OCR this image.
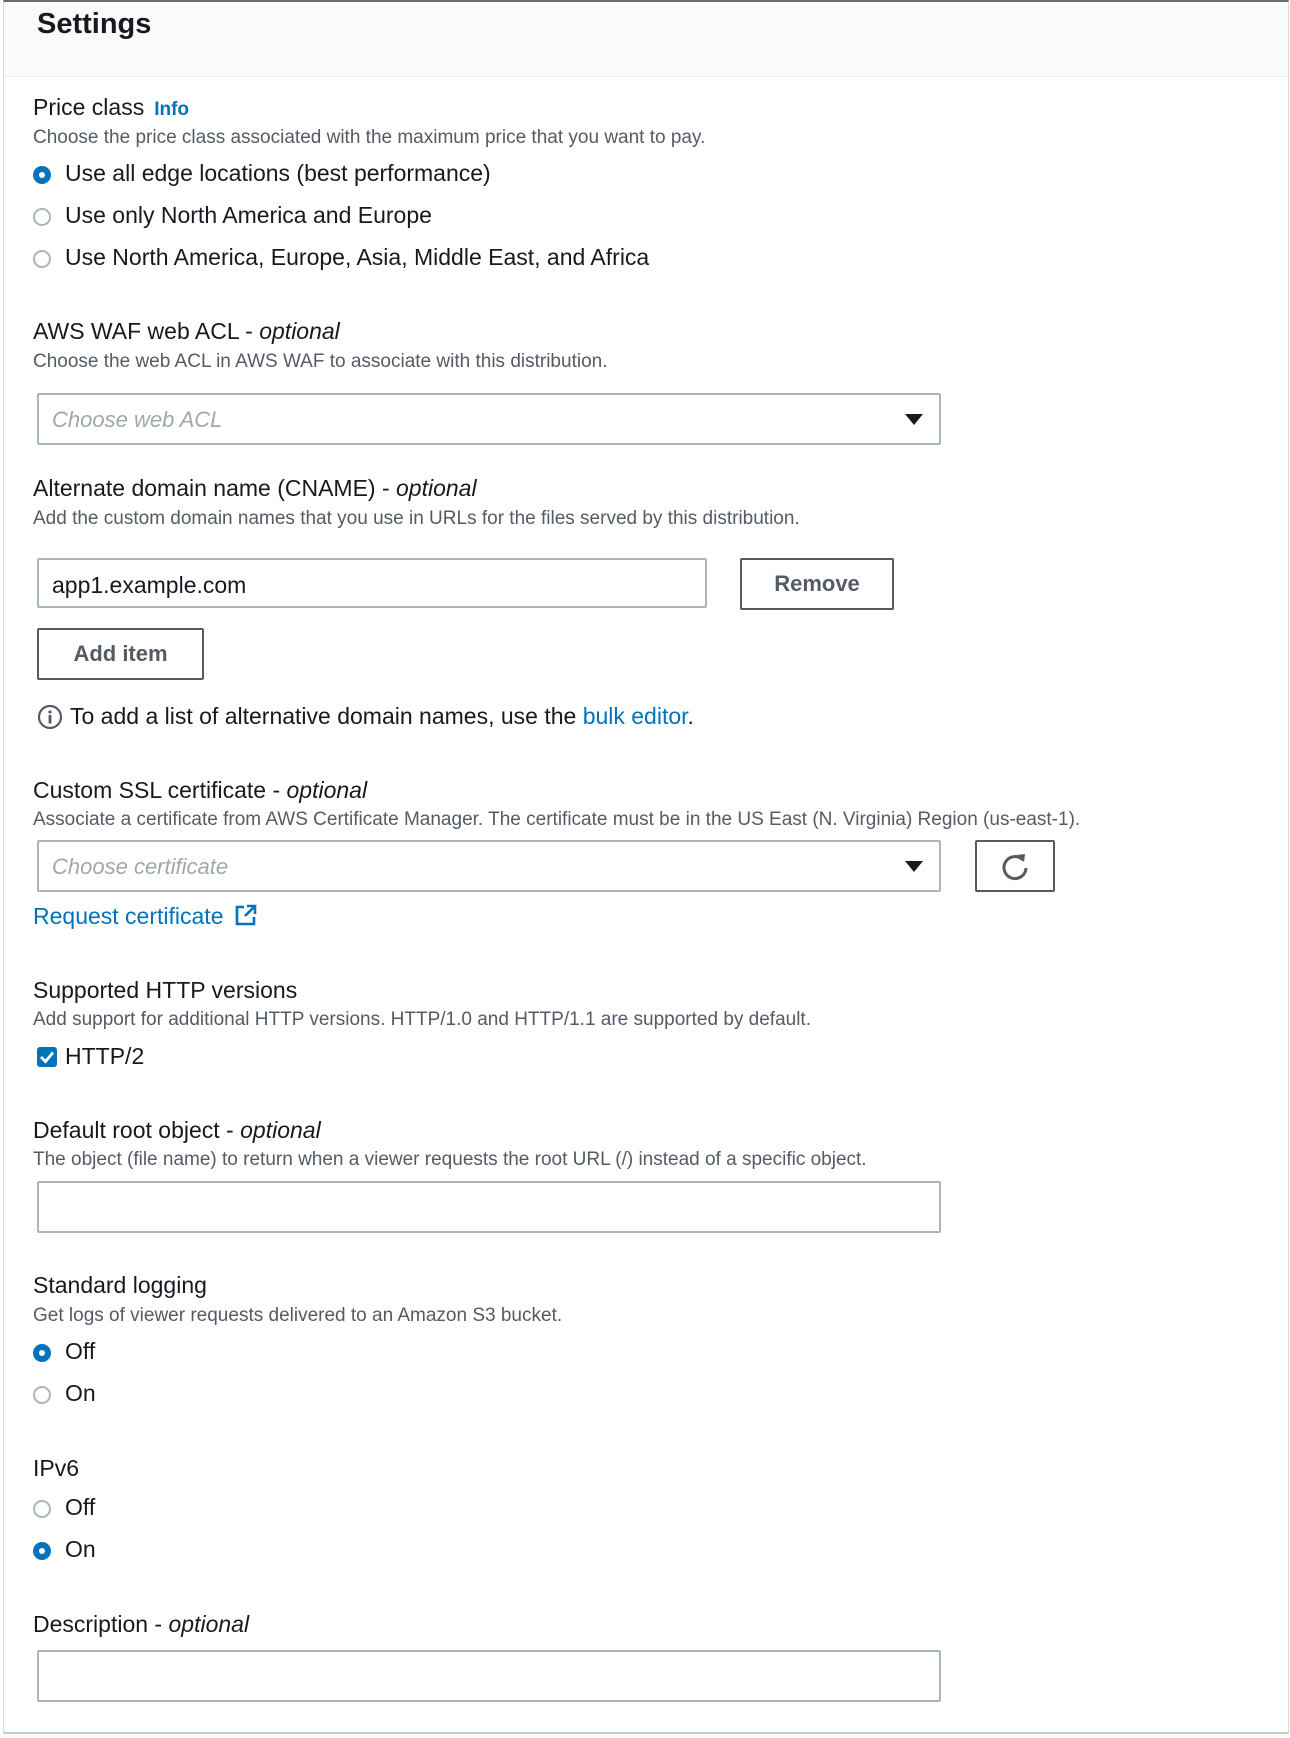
Settings
Price class Info
Choose the price class associated with the maximum price that you want to pay.
Use all edge locations (best performance)
Use only North America and Europe
Use North America, Europe, Asia, Middle East, and Africa
AWS WAF web ACL - optional
Choose the web ACL in AWS WAF to associate with this distribution.
Choose web ACL
Alternate domain name (CNAME) - optional
Add the custom domain names that you use in URLs for the files served by this distribution.
app1.example.com	Remove
Add item
To add a list of alternative domain names, use the bulk editor.
Custom SSL certificate - optional
Associate a certificate from AWS Certificate Manager. The certificate must be in the US East (N. Virginia) Region (us-east-1).
Choose certificate
Request certificate
Supported HTTP versions
Add support for additional HTTP versions. HTTP/1.0 and HTTP/1.1 are supported by default.
HTTP/2
Default root object - optional
The object (file name) to return when a viewer requests the root URL (/) instead of a specific object.
Standard logging
Get logs of viewer requests delivered to an Amazon S3 bucket.
Off
On
IPv6
Off
On
Description - optional
